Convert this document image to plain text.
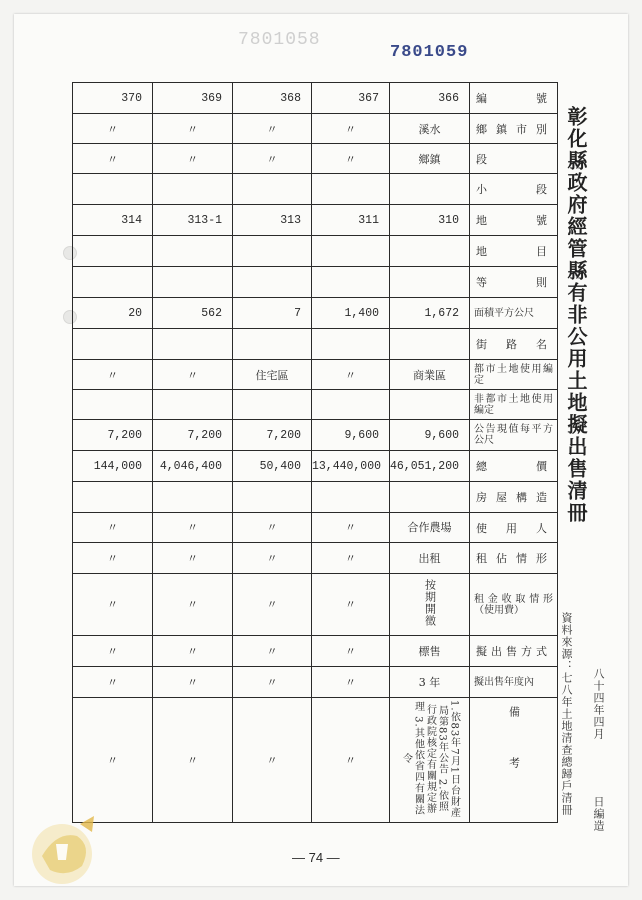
7801058
7801059
370	369	368	367	366	編號
〃	〃	〃	〃	溪水	鄉鎮市別
〃	〃	〃	〃	鄉鎮	段
					小段
314	313-1	313	311	310	地號
					地目
					等則
20	562	7	1,400	1,672	面積平方公尺
					街路名
〃	〃	住宅區	〃	商業區	都市土地使用編定
					非都市土地使用編定
7,200	7,200	7,200	9,600	9,600	公告現值每平方公尺
144,000	4,046,400	50,400	13,440,000	46,051,200	總價
					房屋構造
〃	〃	〃	〃	合作農場	使用人
〃	〃	〃	〃	出租	租佔情形
〃	〃	〃	〃	按期開徵	租金收取情形（使用費）
〃	〃	〃	〃	標售	擬出售方式
〃	〃	〃	〃	3 年	擬出售年度內
〃	〃	〃	〃	1.依83年7月1日台財產局第83年公告 2.依照行政院核定有關規定辦理 3.其他依省四有關法令	備考
彰化縣政府經管縣有非公用土地擬出售清冊
資料來源：七八年土地清查總歸戶清冊 八十四年四月
日編造
— 74 —
